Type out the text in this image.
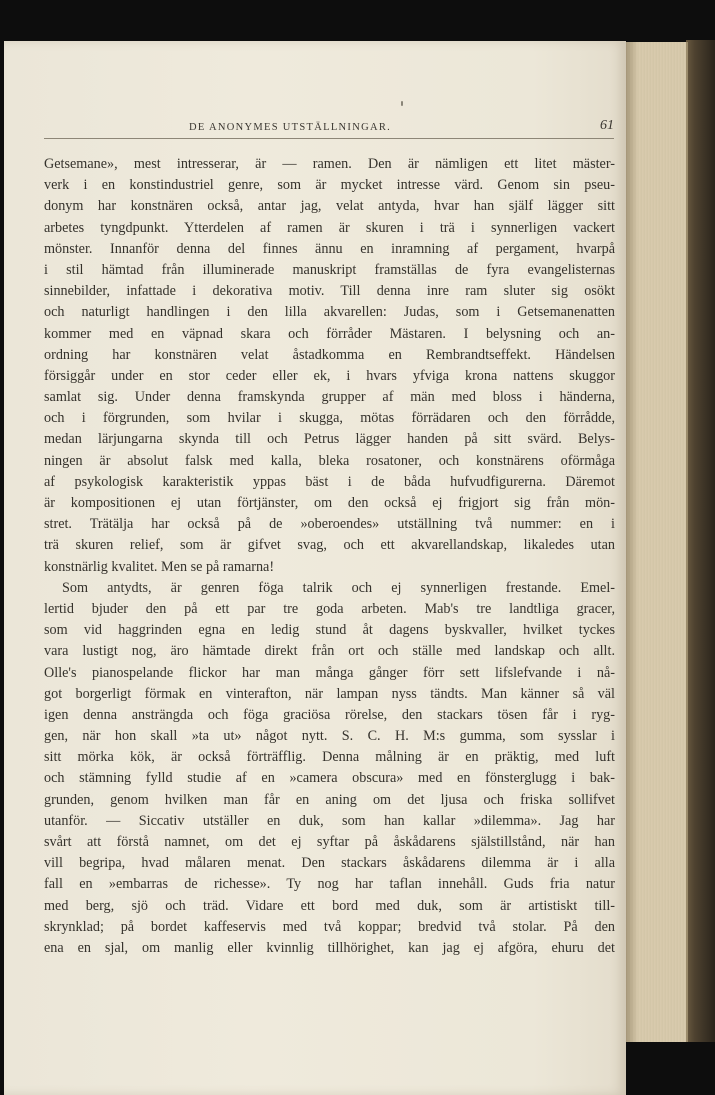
DE ANONYMES UTSTÄLLNINGAR.	61
Getsemane», mest intresserar, är — ramen. Den är nämligen ett litet mäster-
verk i en konstindustriel genre, som är mycket intresse värd. Genom sin pseu-
donym har konstnären också, antar jag, velat antyda, hvar han själf lägger sitt
arbetes tyngdpunkt. Ytterdelen af ramen är skuren i trä i synnerligen vackert
mönster. Innanför denna del finnes ännu en inramning af pergament, hvarpå
i stil hämtad från illuminerade manuskript framställas de fyra evangelisternas
sinnebilder, infattade i dekorativa motiv. Till denna inre ram sluter sig osökt
och naturligt handlingen i den lilla akvarellen: Judas, som i Getsemanenatten
kommer med en väpnad skara och förråder Mästaren. I belysning och an-
ordning har konstnären velat åstadkomma en Rembrandtseffekt. Händelsen
försiggår under en stor ceder eller ek, i hvars yfviga krona nattens skuggor
samlat sig. Under denna framskynda grupper af män med bloss i händerna,
och i förgrunden, som hvilar i skugga, mötas förrädaren och den förrådde,
medan lärjungarna skynda till och Petrus lägger handen på sitt svärd. Belys-
ningen är absolut falsk med kalla, bleka rosatoner, och konstnärens oförmåga
af psykologisk karakteristik yppas bäst i de båda hufvudfigurerna. Däremot
är kompositionen ej utan förtjänster, om den också ej frigjort sig från mön-
stret. Trätälja har också på de »oberoendes» utställning två nummer: en i
trä skuren relief, som är gifvet svag, och ett akvarellandskap, likaledes utan
konstnärlig kvalitet. Men se på ramarna!
Som antydts, är genren föga talrik och ej synnerligen frestande. Emel-
lertid bjuder den på ett par tre goda arbeten. Mab's tre landtliga gracer,
som vid haggrinden egna en ledig stund åt dagens byskvaller, hvilket tyckes
vara lustigt nog, äro hämtade direkt från ort och ställe med landskap och allt.
Olle's pianospelande flickor har man många gånger förr sett lifslefvande i nå-
got borgerligt förmak en vinterafton, när lampan nyss tändts. Man känner så väl
igen denna ansträngda och föga graciösa rörelse, den stackars tösen får i ryg-
gen, när hon skall »ta ut» något nytt. S. C. H. M:s gumma, som sysslar i
sitt mörka kök, är också förträfflig. Denna målning är en präktig, med luft
och stämning fylld studie af en »camera obscura» med en fönsterglugg i bak-
grunden, genom hvilken man får en aning om det ljusa och friska sollifvet
utanför. — Siccativ utställer en duk, som han kallar »dilemma». Jag har
svårt att förstå namnet, om det ej syftar på åskådarens själstillstånd, när han
vill begripa, hvad målaren menat. Den stackars åskådarens dilemma är i alla
fall en »embarras de richesse». Ty nog har taflan innehåll. Guds fria natur
med berg, sjö och träd. Vidare ett bord med duk, som är artistiskt till-
skrynklad; på bordet kaffeservis med två koppar; bredvid två stolar. På den
ena en sjal, om manlig eller kvinnlig tillhörighet, kan jag ej afgöra, ehuru det
